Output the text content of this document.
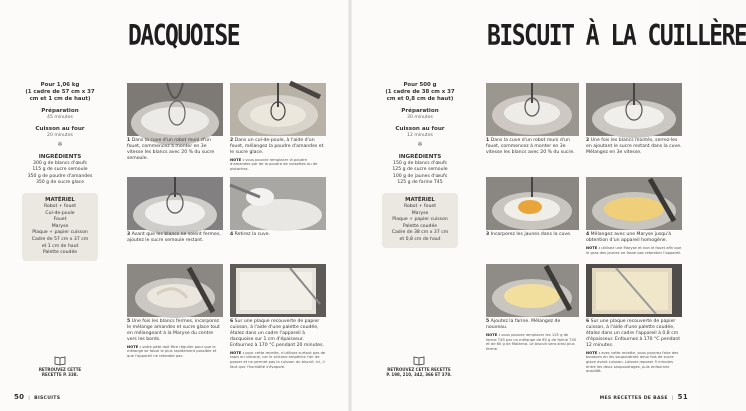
DACQUOISE
Pour 1,06 kg
(1 cadre de 57 cm x 37 cm et 1 cm de haut)
Préparation
45 minutes
Cuisson au four
20 minutes
✻
INGRÉDIENTS
300 g de blancs d'œufs
115 g de sucre semoule
350 g de poudre d'amandes
350 g de sucre glace
MATÉRIEL
Robot + fouet
Cul-de-poule
Fouet
Maryse
Plaque + papier cuisson
Cadre de 57 cm x 37 cm
et 1 cm de haut
Palette coudée
RETROUVEZ CETTE RECETTE P. 338.
1 Dans la cuve d'un robot muni d'un fouet, commencez à monter en 3e vitesse les blancs avec 20 % du sucre semoule.
2 Dans un cul-de-poule, à l'aide d'un fouet, mélangez la poudre d'amandes et le sucre glace.
NOTE : vous pouvez remplacer la poudre d'amandes par de la poudre de noisettes ou de pistaches.
3 Avant que les blancs ne soient fermes, ajoutez le sucre semoule restant.
4 Retirez la cuve.
5 Une fois les blancs fermes, incorporez le mélange amandes et sucre glace tout en mélangeant à la Maryse du centre vers les bords.
NOTE : votre pâte doit être régulier pour que le mélange se fasse le plus rapidement possible et que l'appareil ne retombe pas.
6 Sur une plaque recouverte de papier cuisson, à l'aide d'une palette coudée, étalez dans un cadre l'appareil à dacquoise sur 1 cm d'épaisseur. Enfournez à 170 °C pendant 20 minutes.
NOTE : pour cette recette, n'utilisez surtout pas de tapis en silicone, car le silicone empêche l'air de passer et ne permet pas la cuisson du biscuit. Ici, il faut que l'humidité s'évapore.
50 | BISCUITS
BISCUIT À LA CUILLÈRE
Pour 500 g
(1 cadre de 38 cm x 37 cm et 0,8 cm de haut)
Préparation
30 minutes
Cuisson au four
12 minutes
✻
INGRÉDIENTS
150 g de blancs d'œufs
125 g de sucre semoule
100 g de jaunes d'œufs
125 g de farine T45
MATÉRIEL
Robot + fouet
Maryse
Plaque + papier cuisson
Palette coudée
Cadre de 38 cm x 37 cm
et 0,8 cm de haut
RETROUVEZ CETTE RECETTE P. 198, 210, 342, 366 ET 378.
1 Dans la cuve d'un robot muni d'un fouet, commencez à monter en 3e vitesse les blancs avec 20 % du sucre.
2 Une fois les blancs montés, serrez-les en ajoutant le sucre restant dans la cuve. Mélangez en 3e vitesse.
3 Incorporez les jaunes dans la cuve.	4 Mélangez avec une Maryse jusqu'à obtention d'un appareil homogène.
NOTE : utilisez une Maryse et non le fouet afin que le gras des jaunes ne fasse pas retomber l'appareil.
5 Ajoutez la farine. Mélangez de nouveau.
NOTE : vous pouvez remplacer les 125 g de farine T45 par un mélange de 65 g de farine T45 et de 60 g de Maïzena. Le biscuit sera ainsi plus ferme.
6 Sur une plaque recouverte de papier cuisson, à l'aide d'une palette coudée, étalez dans un cadre l'appareil à 0,8 cm d'épaisseur. Enfournez à 170 °C pendant 12 minutes.
NOTE : avec cette recette, vous pourrez faire des boudoirs en les saupoudrant deux fois de sucre glace avant cuisson. Laissez reposer 5 minutes entre les deux saupoudrages, puis enfournez aussitôt.
MES RECETTES DE BASE | 51
